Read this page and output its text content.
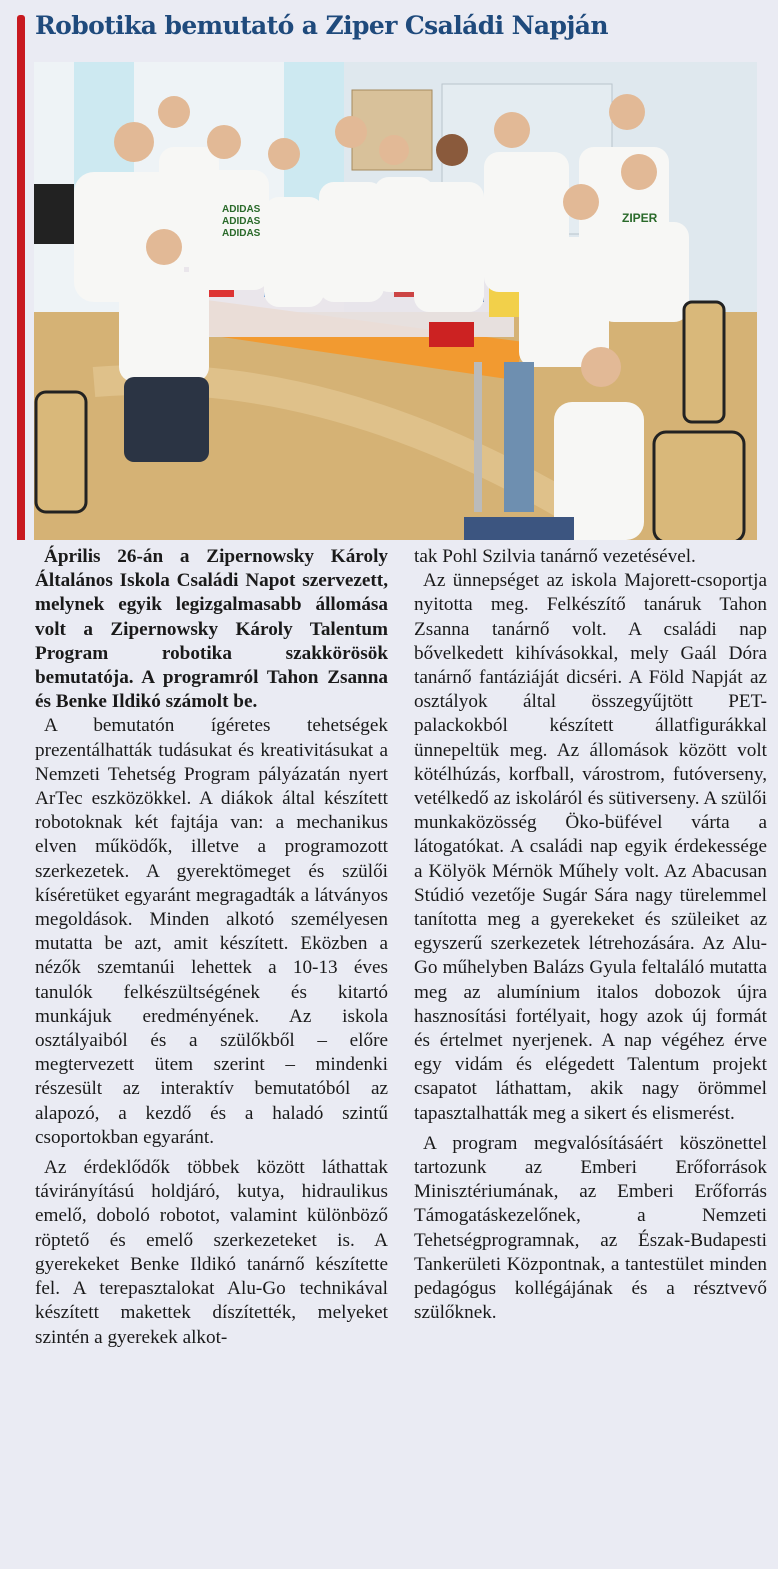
Robotika bemutató a Ziper Családi Napján
ADIDAS
ADIDAS
ADIDAS
ZIPER

Április 26-án a Zipernowsky Károly Általános Iskola Családi Napot szervezett, melynek egyik legizgalmasabb állomása volt a Zipernowsky Károly Talentum Program robotika szakkörösök bemutatója. A programról Tahon Zsanna és Benke Ildikó számolt be.

A bemutatón ígéretes tehetségek prezentálhatták tudásukat és kreativitásukat a Nemzeti Tehetség Program pályázatán nyert ArTec eszközökkel. A diákok által készített robotoknak két fajtája van: a mechanikus elven működők, illetve a programozott szerkezetek. A gyerektömeget és szülői kíséretüket egyaránt megragadták a látványos megoldások. Minden alkotó személyesen mutatta be azt, amit készített. Eközben a nézők szemtanúi lehettek a 10-13 éves tanulók felkészültségének és kitartó munkájuk eredményének. Az iskola osztályaiból és a szülőkből – előre megtervezett ütem szerint – mindenki részesült az interaktív bemutatóból az alapozó, a kezdő és a haladó szintű csoportokban egyaránt.

Az érdeklődők többek között láthattak távirányítású holdjáró, kutya, hidraulikus emelő, doboló robotot, valamint különböző röptető és emelő szerkezeteket is. A gyerekeket Benke Ildikó tanárnő készítette fel. A terepasztalokat Alu-Go technikával készített makettek díszítették, melyeket szintén a gyerekek alkot-

tak Pohl Szilvia tanárnő vezetésével.

Az ünnepséget az iskola Majorett-csoportja nyitotta meg. Felkészítő tanáruk Tahon Zsanna tanárnő volt. A családi nap bővelkedett kihívásokkal, mely Gaál Dóra tanárnő fantáziáját dicséri. A Föld Napját az osztályok által összegyűjtött PET-palackokból készített állatfigurákkal ünnepeltük meg. Az állomások között volt kötélhúzás, korfball, várostrom, futóverseny, vetélkedő az iskoláról és sütiverseny. A szülői munkaközösség Öko-büfével várta a látogatókat. A családi nap egyik érdekessége a Kölyök Mérnök Műhely volt. Az Abacusan Stúdió vezetője Sugár Sára nagy türelemmel tanította meg a gyerekeket és szüleiket az egyszerű szerkezetek létrehozására. Az Alu-Go műhelyben Balázs Gyula feltaláló mutatta meg az alumínium italos dobozok újra hasznosítási fortélyait, hogy azok új formát és értelmet nyerjenek. A nap végéhez érve egy vidám és elégedett Talentum projekt csapatot láthattam, akik nagy örömmel tapasztalhatták meg a sikert és elismerést.

A program megvalósításáért köszönettel tartozunk az Emberi Erőforrások Minisztériumának, az Emberi Erőforrás Támogatáskezelőnek, a Nemzeti Tehetségprogramnak, az Észak-Budapesti Tankerületi Központnak, a tantestület minden pedagógus kollégájának és a résztvevő szülőknek.
